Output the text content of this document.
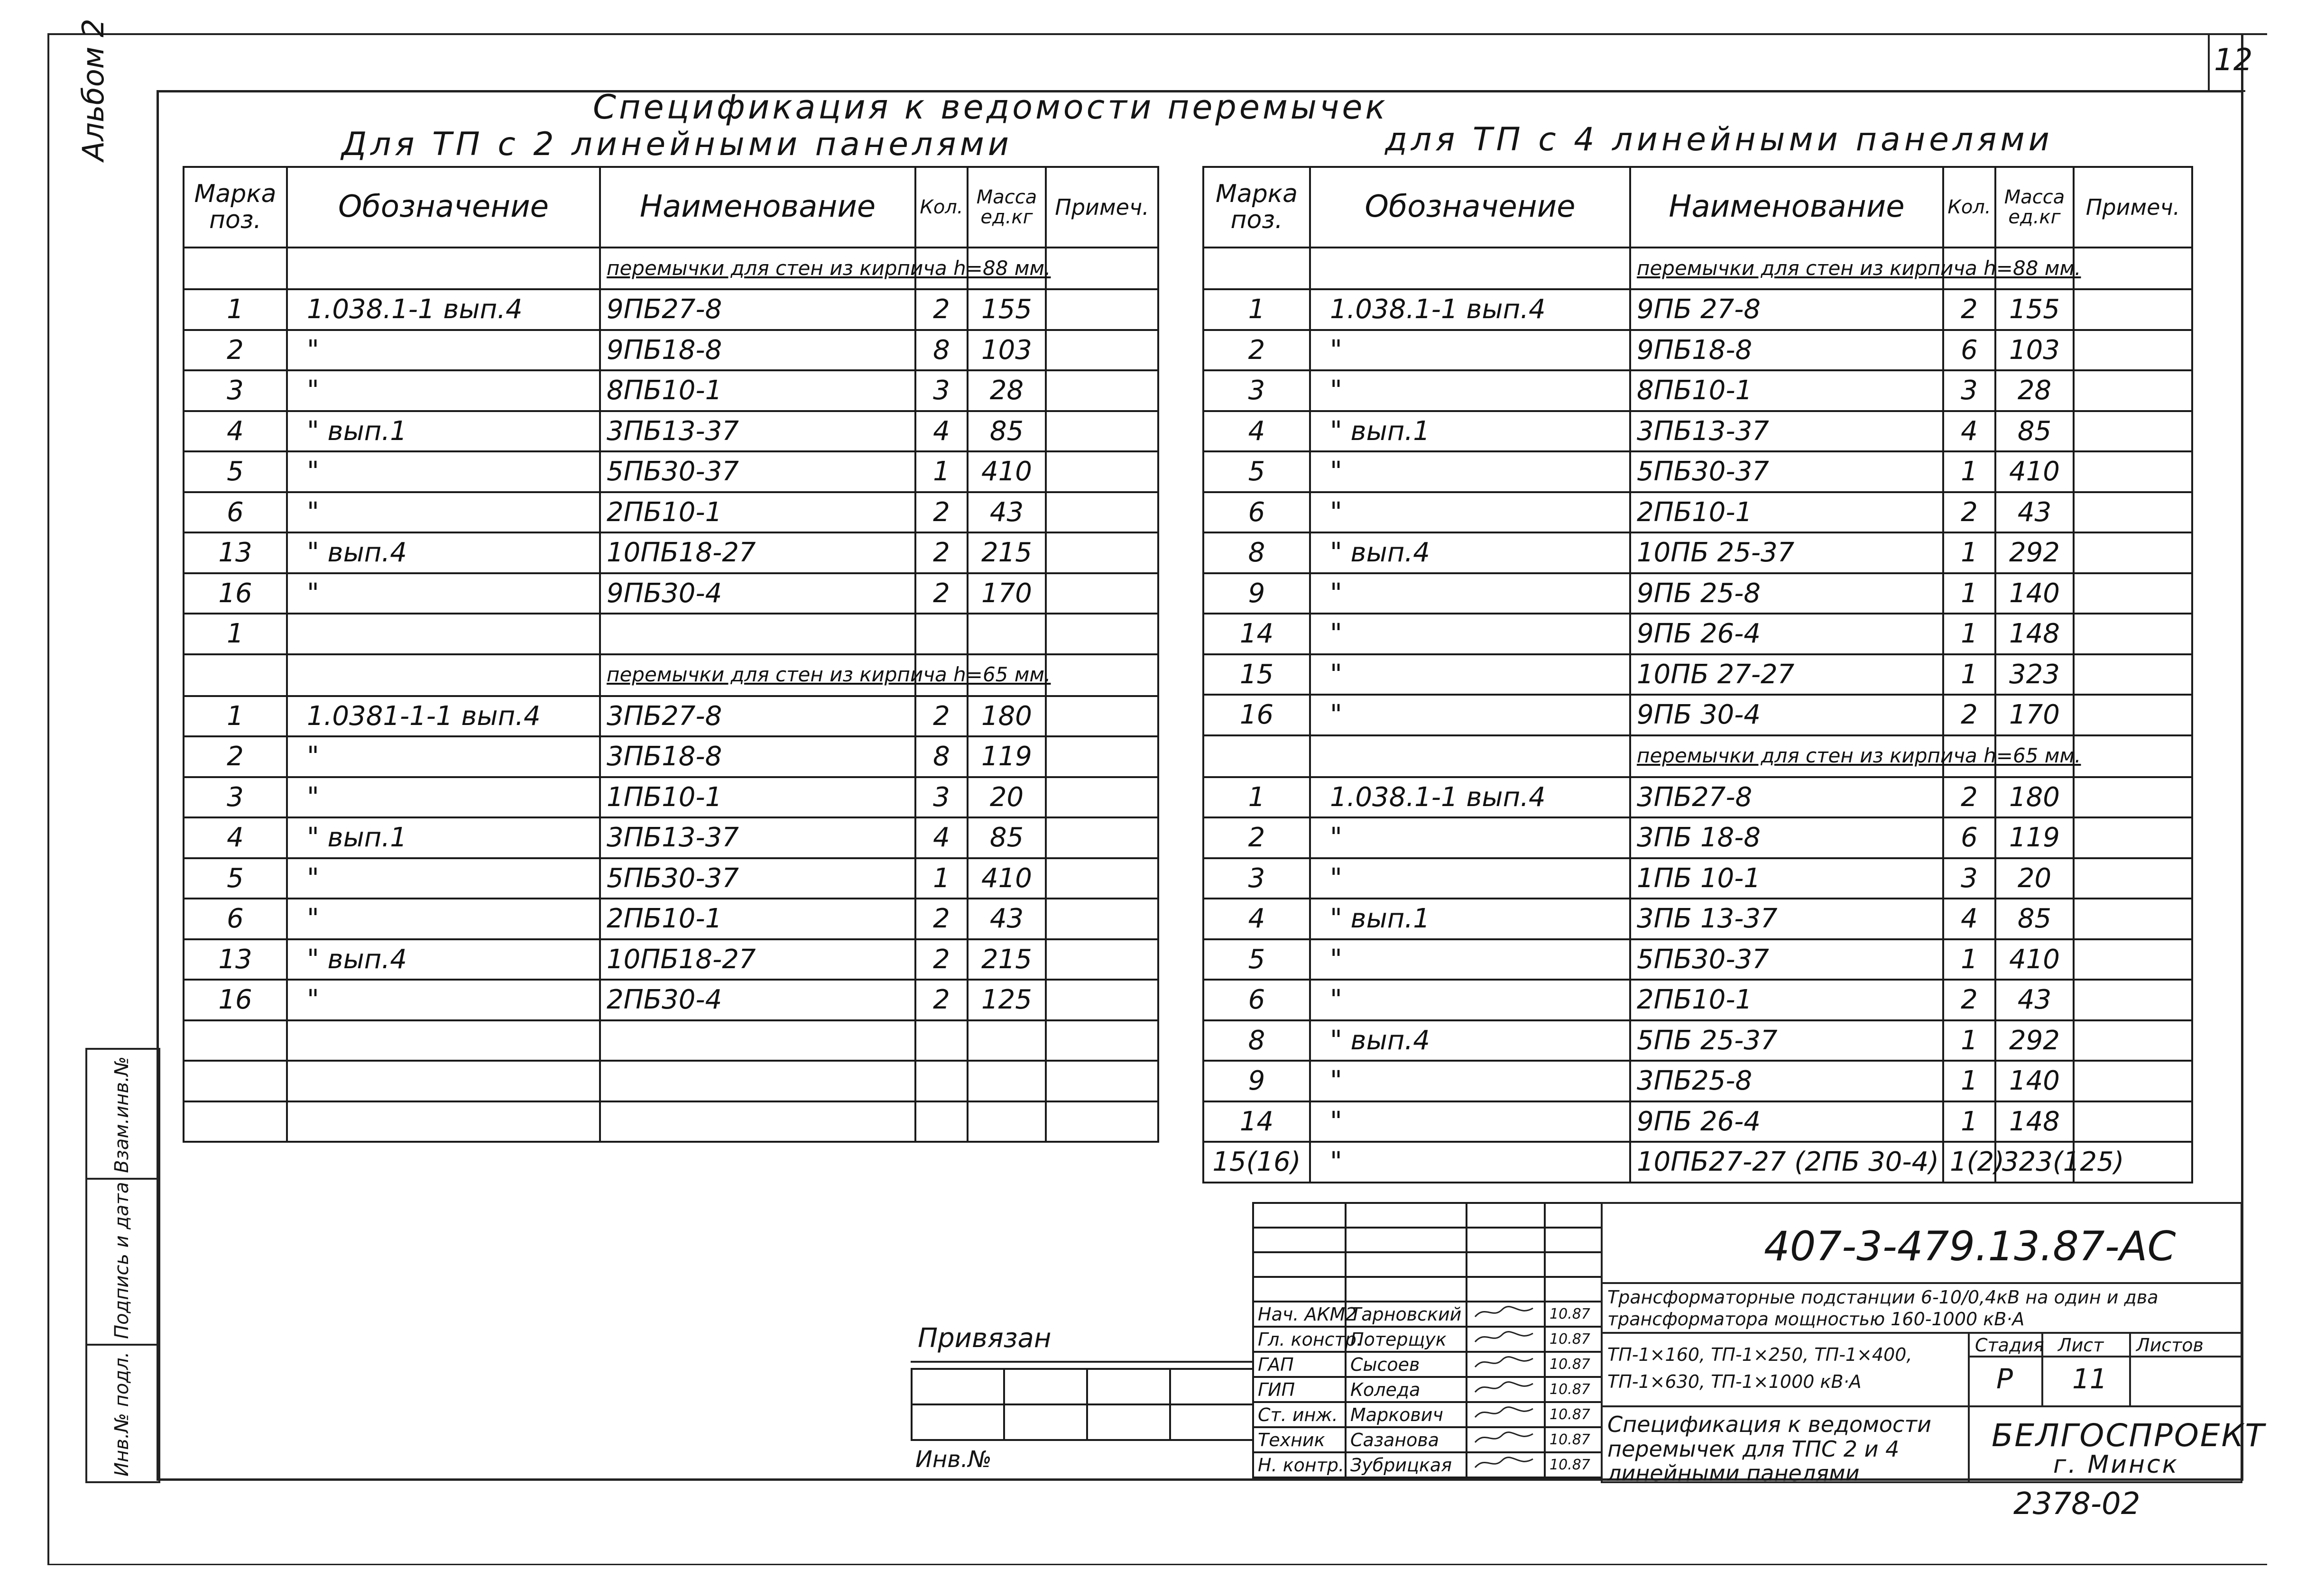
12
Альбом 2
Взам.инв.№
Подпись и дата
Инв.№ подл.
Спецификация к ведомости перемычек
Для ТП с 2 линейными панелями	для ТП с 4 линейными панелями
Марка поз.	Обозначение	Наименование	Кол.	Масса ед.кг	Примеч.
		перемычки для стен из кирпича h=88 мм.			
1	1.038.1-1 вып.4	9ПБ27-8	2	155	
2	"	9ПБ18-8	8	103	
3	"	8ПБ10-1	3	28	
4	" вып.1	3ПБ13-37	4	85	
5	"	5ПБ30-37	1	410	
6	"	2ПБ10-1	2	43	
13	" вып.4	10ПБ18-27	2	215	
16	"	9ПБ30-4	2	170	
1					
		перемычки для стен из кирпича h=65 мм.			
1	1.0381-1-1 вып.4	3ПБ27-8	2	180	
2	"	3ПБ18-8	8	119	
3	"	1ПБ10-1	3	20	
4	" вып.1	3ПБ13-37	4	85	
5	"	5ПБ30-37	1	410	
6	"	2ПБ10-1	2	43	
13	" вып.4	10ПБ18-27	2	215	
16	"	2ПБ30-4	2	125	

Марка поз.	Обозначение	Наименование	Кол.	Масса ед.кг	Примеч.
		перемычки для стен из кирпича h=88 мм.			
1	1.038.1-1 вып.4	9ПБ 27-8	2	155	
2	"	9ПБ18-8	6	103	
3	"	8ПБ10-1	3	28	
4	" вып.1	3ПБ13-37	4	85	
5	"	5ПБ30-37	1	410	
6	"	2ПБ10-1	2	43	
8	" вып.4	10ПБ 25-37	1	292	
9	"	9ПБ 25-8	1	140	
14	"	9ПБ 26-4	1	148	
15	"	10ПБ 27-27	1	323	
16	"	9ПБ 30-4	2	170	
		перемычки для стен из кирпича h=65 мм.			
1	1.038.1-1 вып.4	3ПБ27-8	2	180	
2	"	3ПБ 18-8	6	119	
3	"	1ПБ 10-1	3	20	
4	" вып.1	3ПБ 13-37	4	85	
5	"	5ПБ30-37	1	410	
6	"	2ПБ10-1	2	43	
8	" вып.4	5ПБ 25-37	1	292	
9	"	3ПБ25-8	1	140	
14	"	9ПБ 26-4	1	148	
15(16)	"	10ПБ27-27 (2ПБ 30-4)	1(2)	323(125)	
Привязан

Инв.№

Нач. АКМ2	Тарновский		10.87
Гл. констр.	Потерщук		10.87
ГАП	Сысоев		10.87
ГИП	Коледа		10.87
Ст. инж.	Маркович		10.87
Техник	Сазанова		10.87
Н. контр.	Зубрицкая		10.87
407-3-479.13.87-АС
Трансформаторные подстанции 6-10/0,4кВ на один и два трансформатора мощностью 160-1000 кВ·А
ТП-1×160, ТП-1×250, ТП-1×400, ТП-1×630, ТП-1×1000 кВ·А
Спецификация к ведомости перемычек для ТПС 2 и 4 линейными панелями
Стадия Лист Листов
Р 11
БЕЛГОСПРОЕКТ
г. Минск
2378-02
